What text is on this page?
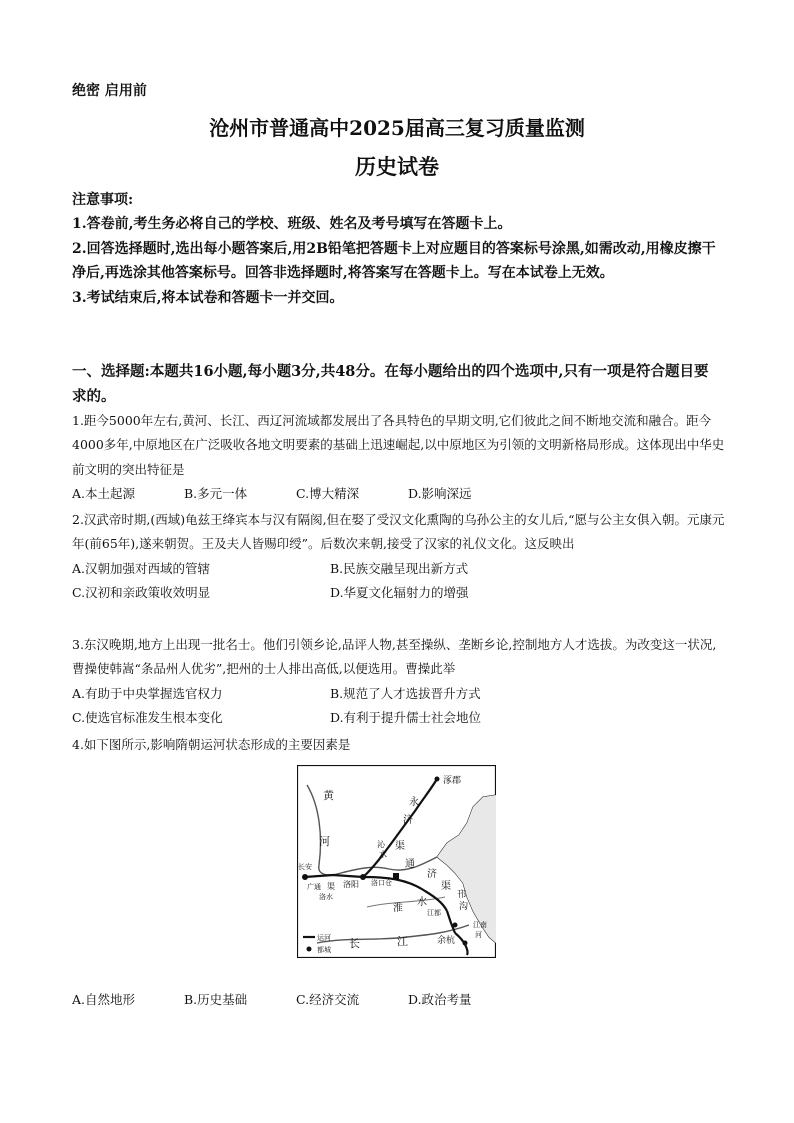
绝密 启用前
沧州市普通高中2025届高三复习质量监测
历史试卷

注意事项:

1.答卷前,考生务必将自己的学校、班级、姓名及考号填写在答题卡上。

2.回答选择题时,选出每小题答案后,用2B铅笔把答题卡上对应题目的答案标号涂黑,如需改动,用橡皮擦干净后,再选涂其他答案标号。回答非选择题时,将答案写在答题卡上。写在本试卷上无效。

3.考试结束后,将本试卷和答题卡一并交回。

一、选择题:本题共16小题,每小题3分,共48分。在每小题给出的四个选项中,只有一项是符合题目要求的。

1.距今5000年左右,黄河、长江、西辽河流域都发展出了各具特色的早期文明,它们彼此之间不断地交流和融合。距今4000多年,中原地区在广泛吸收各地文明要素的基础上迅速崛起,以中原地区为引领的文明新格局形成。这体现出中华史前文明的突出特征是

A.本土起源	B.多元一体	C.博大精深	D.影响深远

2.汉武帝时期,(西域)龟兹王绛宾本与汉有隔阂,但在娶了受汉文化熏陶的乌孙公主的女儿后,“愿与公主女俱入朝。元康元年(前65年),遂来朝贺。王及夫人皆赐印绶”。后数次来朝,接受了汉家的礼仪文化。这反映出

A.汉朝加强对西域的管辖	B.民族交融呈现出新方式
C.汉初和亲政策收效明显	D.华夏文化辐射力的增强

3.东汉晚期,地方上出现一批名士。他们引领乡论,品评人物,甚至操纵、垄断乡论,控制地方人才选拔。为改变这一状况,曹操使韩嵩“条品州人优劣”,把州的士人排出高低,以便选用。曹操此举

A.有助于中央掌握选官权力	B.规范了人才选拔晋升方式
C.使选官标准发生根本变化	D.有利于提升儒士社会地位

4.如下图所示,影响隋朝运河状态形成的主要因素是

涿郡
永
济
渠
黄
河	沁
水
长安
广通 渠
洛水
洛阳 洛口仓
通
济
渠
淮
水
邗
沟
江都
江南
河
余杭
长	江
运河
都城
A.自然地形	B.历史基础	C.经济交流	D.政治考量
